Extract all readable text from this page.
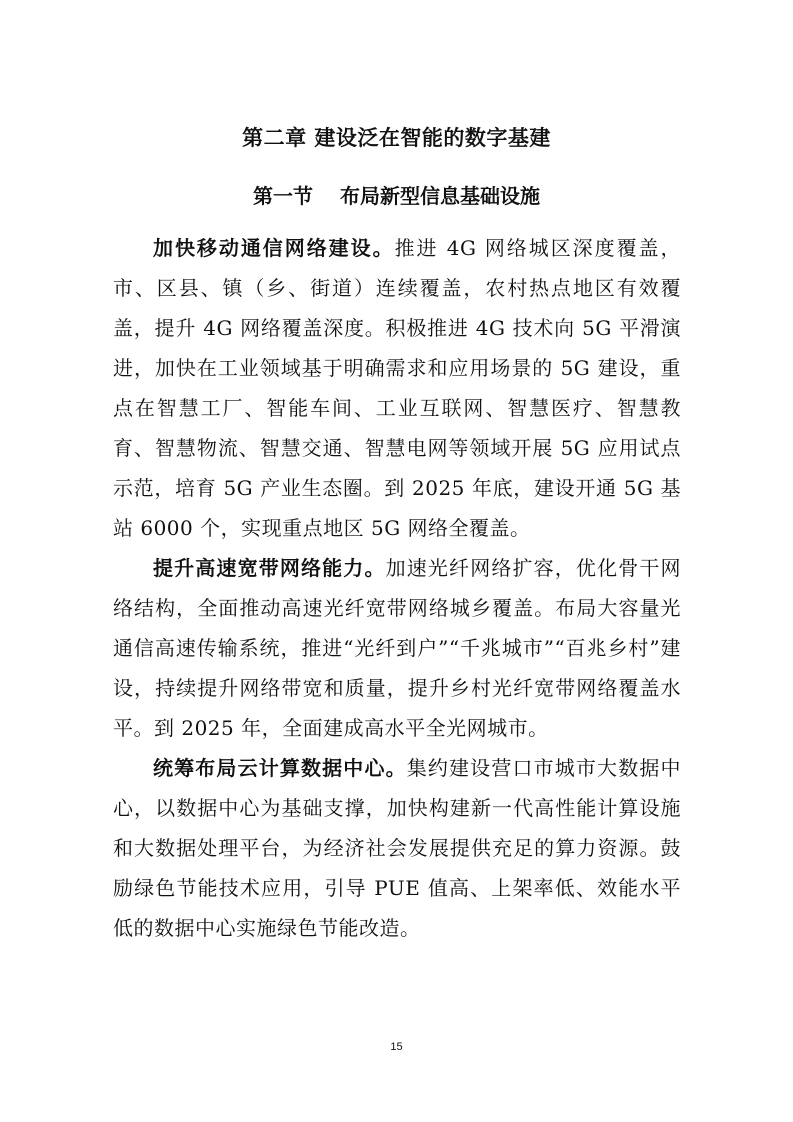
第二章 建设泛在智能的数字基建
第一节　 布局新型信息基础设施

加快移动通信网络建设。推进 4G 网络城区深度覆盖，市、区县、镇（乡、街道）连续覆盖，农村热点地区有效覆盖，提升 4G 网络覆盖深度。积极推进 4G 技术向 5G 平滑演进，加快在工业领域基于明确需求和应用场景的 5G 建设，重点在智慧工厂、智能车间、工业互联网、智慧医疗、智慧教育、智慧物流、智慧交通、智慧电网等领域开展 5G 应用试点示范，培育 5G 产业生态圈。到 2025 年底，建设开通 5G 基站 6000 个，实现重点地区 5G 网络全覆盖。

提升高速宽带网络能力。加速光纤网络扩容，优化骨干网络结构，全面推动高速光纤宽带网络城乡覆盖。布局大容量光通信高速传输系统，推进“光纤到户”“千兆城市”“百兆乡村”建设，持续提升网络带宽和质量，提升乡村光纤宽带网络覆盖水平。到 2025 年，全面建成高水平全光网城市。

统筹布局云计算数据中心。集约建设营口市城市大数据中心，以数据中心为基础支撑，加快构建新一代高性能计算设施和大数据处理平台，为经济社会发展提供充足的算力资源。鼓励绿色节能技术应用，引导 PUE 值高、上架率低、效能水平低的数据中心实施绿色节能改造。

15
